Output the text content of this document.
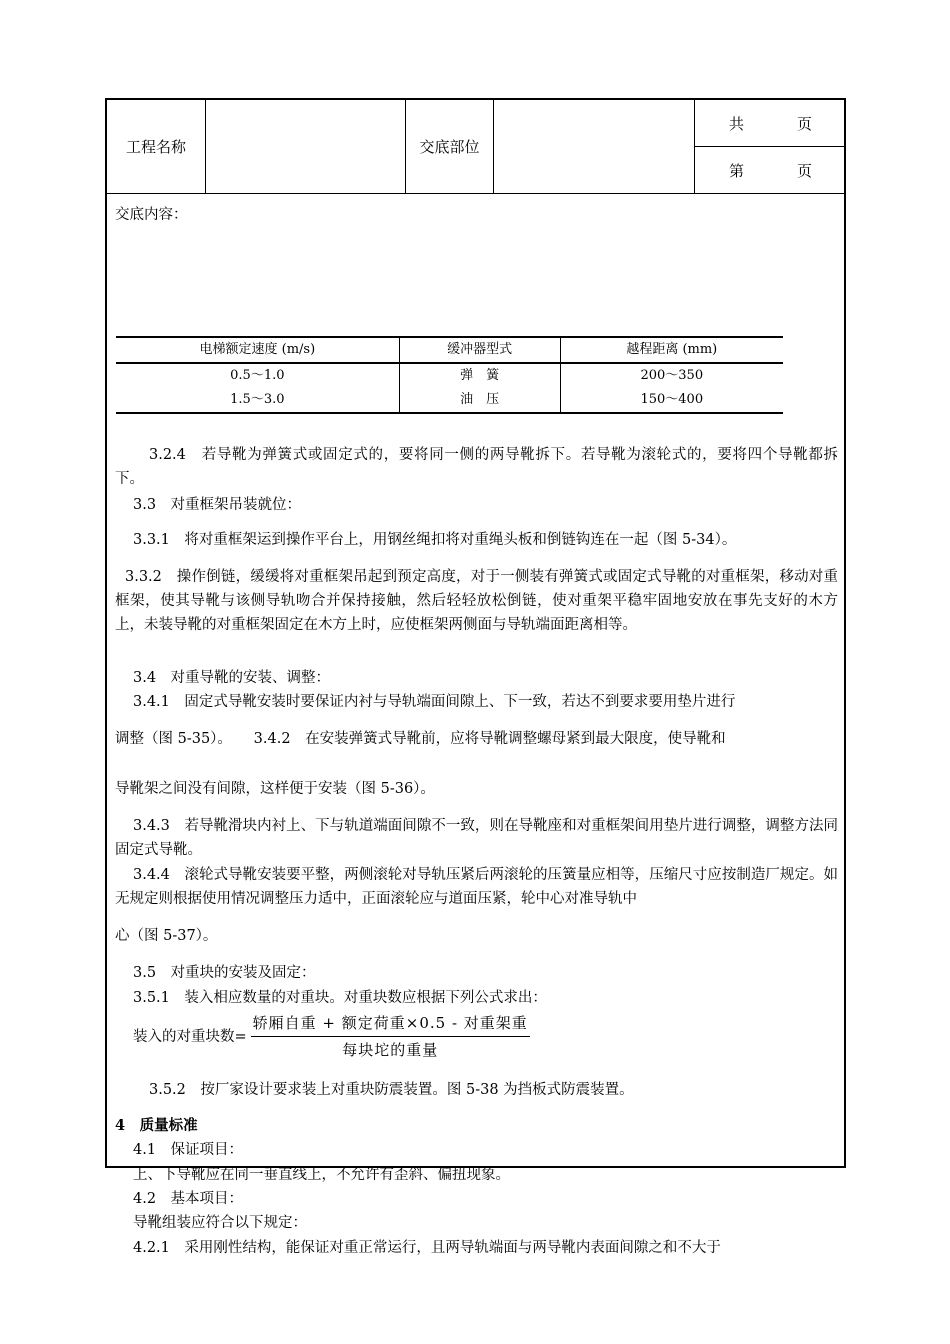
工程名称	交底部位
共	页
第	页
交底内容：
电梯额定速度 (m/s)	缓冲器型式	越程距离 (mm)
0.5～1.0	弹　簧	200～350
1.5～3.0	油　压	150～400
3.2.4　若导靴为弹簧式或固定式的，要将同一侧的两导靴拆下。若导靴为滚轮式的，要将四个导靴都拆下。
3.3　对重框架吊装就位：
3.3.1　将对重框架运到操作平台上，用钢丝绳扣将对重绳头板和倒链钩连在一起（图 5-34）。
3.3.2　操作倒链，缓缓将对重框架吊起到预定高度，对于一侧装有弹簧式或固定式导靴的对重框架，移动对重框架，使其导靴与该侧导轨吻合并保持接触，然后轻轻放松倒链，使对重架平稳牢固地安放在事先支好的木方上，未装导靴的对重框架固定在木方上时，应使框架两侧面与导轨端面距离相等。
3.4　对重导靴的安装、调整：
3.4.1　固定式导靴安装时要保证内衬与导轨端面间隙上、下一致，若达不到要求要用垫片进行
调整（图 5-35）。　　3.4.2　在安装弹簧式导靴前，应将导靴调整螺母紧到最大限度，使导靴和
导靴架之间没有间隙，这样便于安装（图 5-36）。
3.4.3　若导靴滑块内衬上、下与轨道端面间隙不一致，则在导靴座和对重框架间用垫片进行调整，调整方法同固定式导靴。
3.4.4　滚轮式导靴安装要平整，两侧滚轮对导轨压紧后两滚轮的压簧量应相等，压缩尺寸应按制造厂规定。如无规定则根据使用情况调整压力适中，正面滚轮应与道面压紧，轮中心对准导轨中
心（图 5-37）。
3.5　对重块的安装及固定：
3.5.1　装入相应数量的对重块。对重块数应根据下列公式求出：
装入的对重块数= $\frac{\text{轿厢自重 + 额定荷重×0.5 - 对重架重}}{\text{每块坨的重量}}$
3.5.2　按厂家设计要求装上对重块防震装置。图 5-38 为挡板式防震装置。
4　质量标准
4.1　保证项目：
上、下导靴应在同一垂直线上，不允许有歪斜、偏扭现象。
4.2　基本项目：
导靴组装应符合以下规定：
4.2.1　采用刚性结构，能保证对重正常运行，且两导轨端面与两导靴内表面间隙之和不大于
